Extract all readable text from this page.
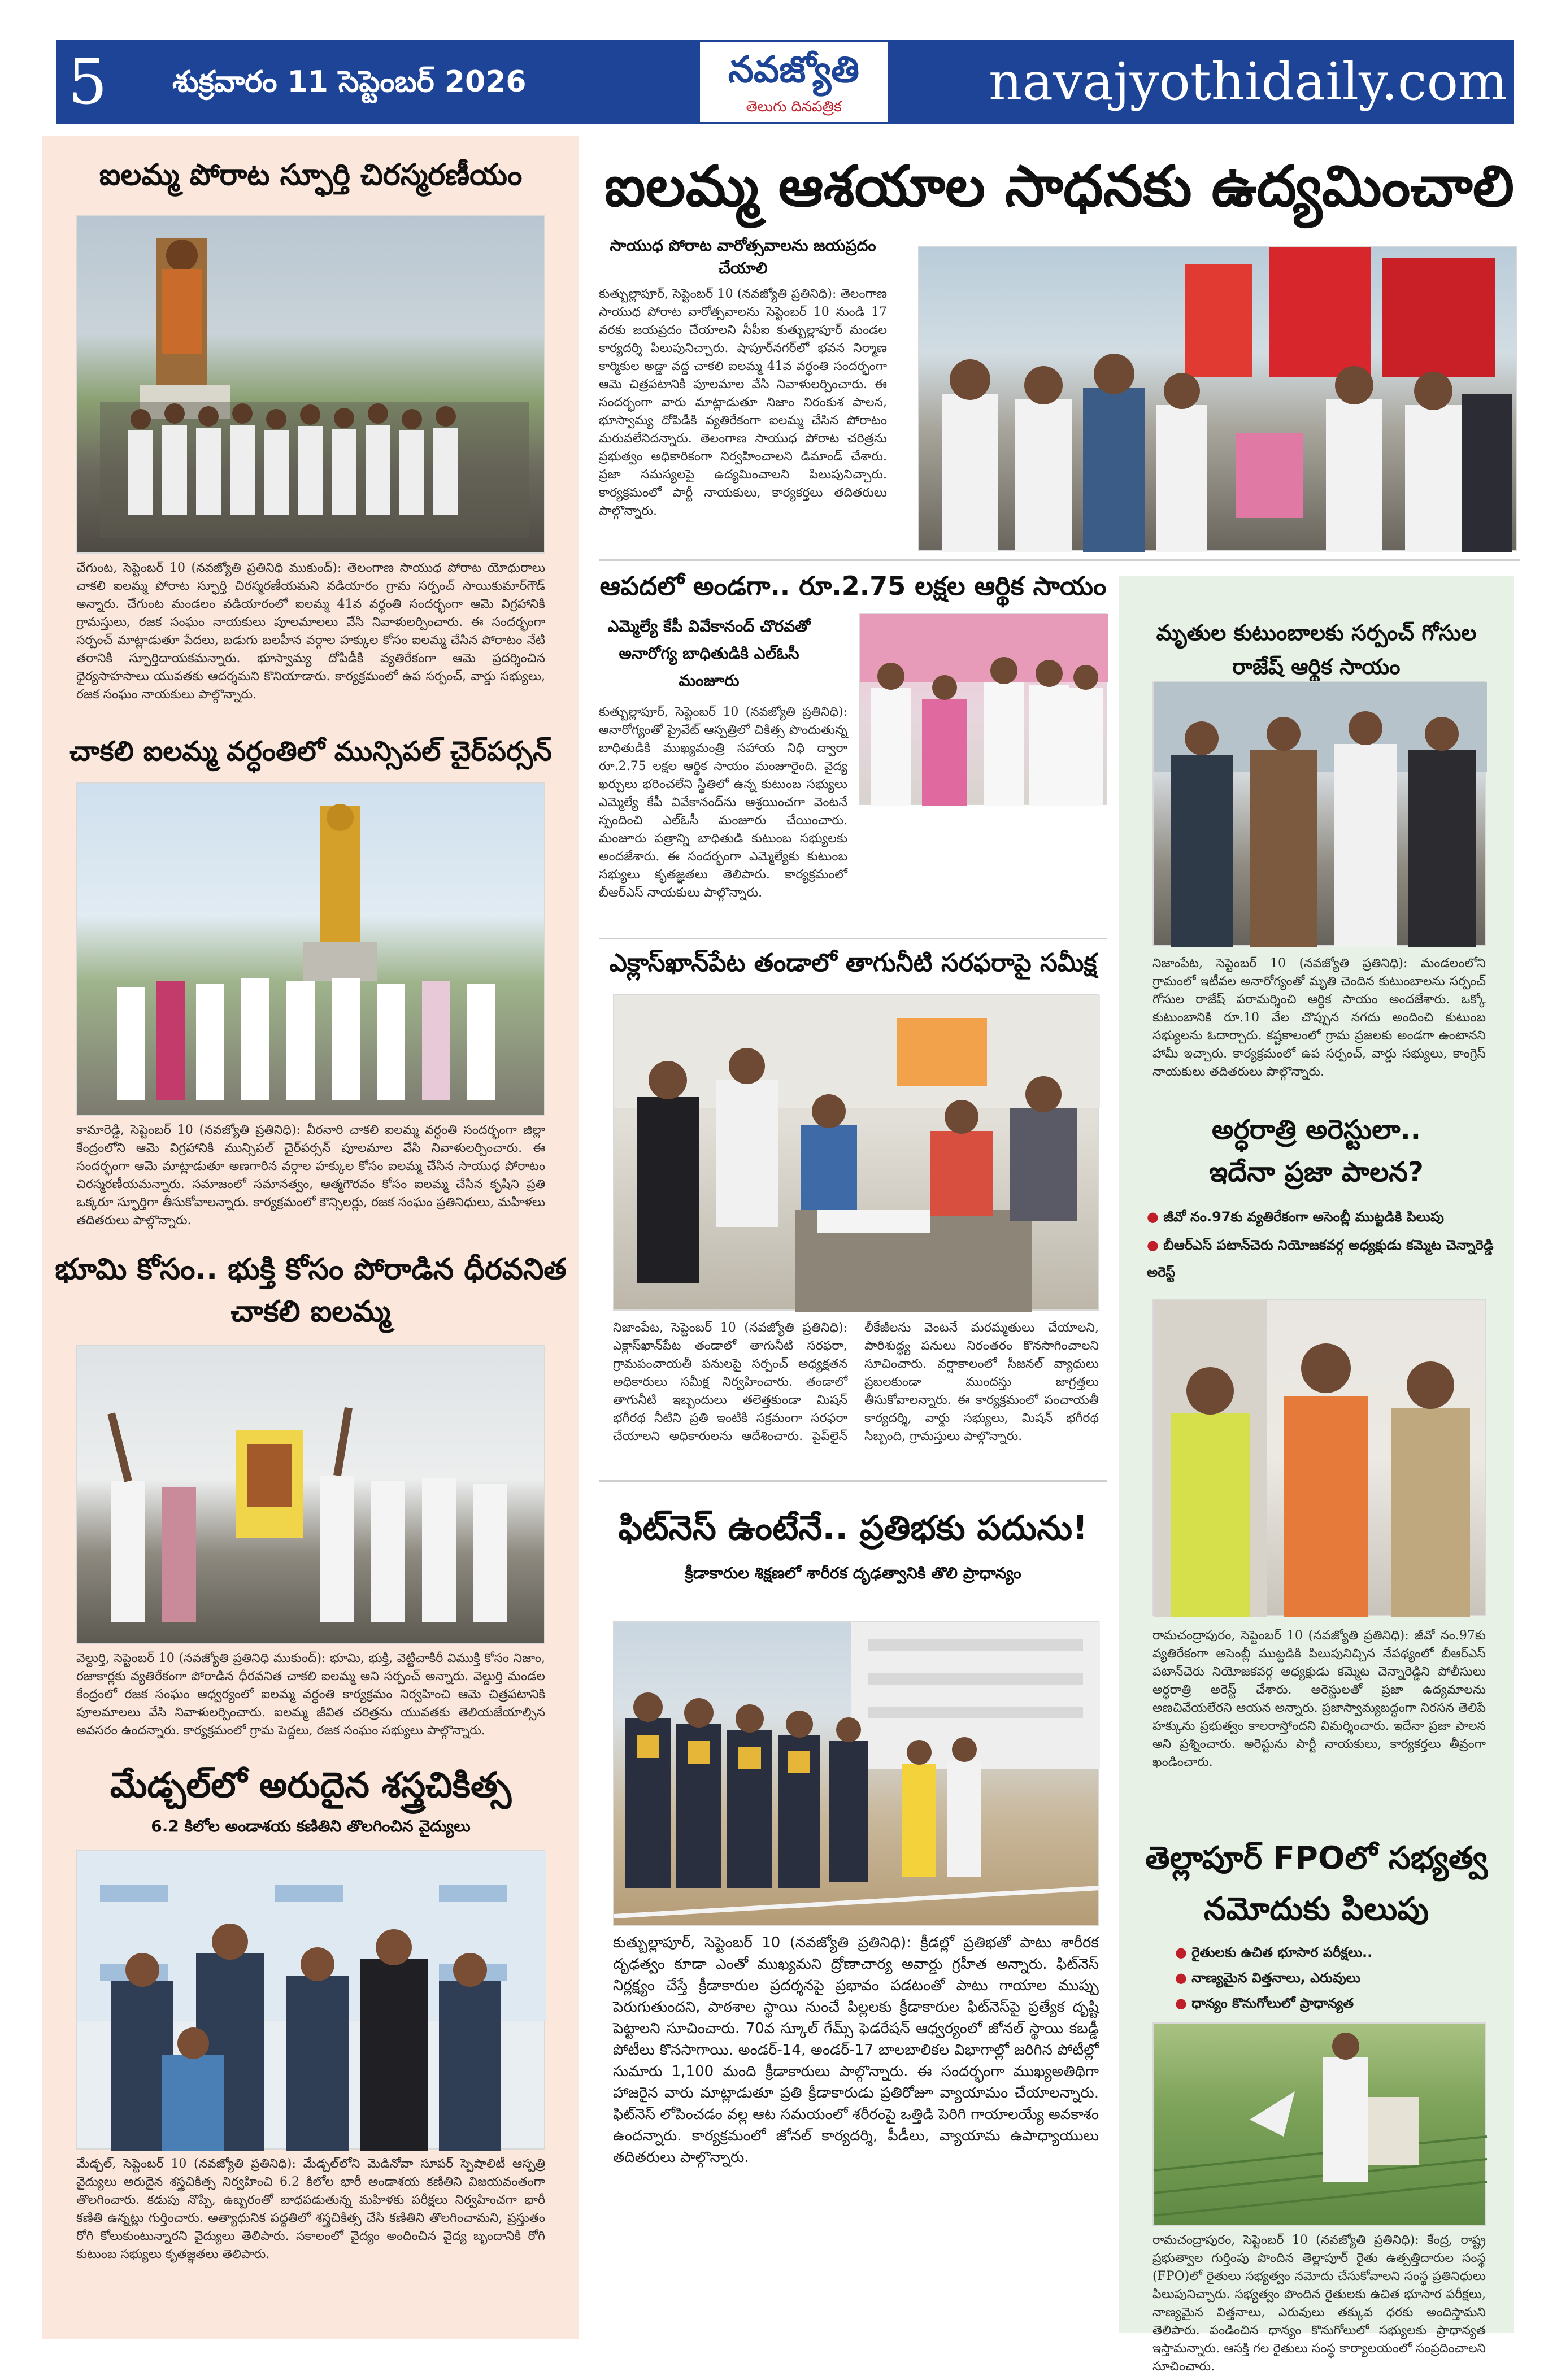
5	శుక్రవారం 11 సెప్టెంబర్ 2026	నవజ్యోతి
తెలుగు దినపత్రిక	navajyothidaily.com
ఐలమ్మ పోరాట స్ఫూర్తి చిరస్మరణీయం
చేగుంట, సెప్టెంబర్ 10 (నవజ్యోతి ప్రతినిధి ముకుంద్): తెలంగాణ సాయుధ పోరాట యోధురాలు చాకలి ఐలమ్మ పోరాట స్ఫూర్తి చిరస్మరణీయమని వడియారం గ్రామ సర్పంచ్ సాయికుమార్‌గౌడ్ అన్నారు. చేగుంట మండలం వడియారంలో ఐలమ్మ 41వ వర్ధంతి సందర్భంగా ఆమె విగ్రహానికి గ్రామస్తులు, రజక సంఘం నాయకులు పూలమాలలు వేసి నివాళులర్పించారు. ఈ సందర్భంగా సర్పంచ్ మాట్లాడుతూ పేదలు, బడుగు బలహీన వర్గాల హక్కుల కోసం ఐలమ్మ చేసిన పోరాటం నేటి తరానికి స్ఫూర్తిదాయకమన్నారు. భూస్వామ్య దోపిడీకి వ్యతిరేకంగా ఆమె ప్రదర్శించిన ధైర్యసాహసాలు యువతకు ఆదర్శమని కొనియాడారు. కార్యక్రమంలో ఉప సర్పంచ్, వార్డు సభ్యులు, రజక సంఘం నాయకులు పాల్గొన్నారు.
చాకలి ఐలమ్మ వర్ధంతిలో మున్సిపల్ చైర్‌పర్సన్
కామారెడ్డి, సెప్టెంబర్ 10 (నవజ్యోతి ప్రతినిధి): వీరనారి చాకలి ఐలమ్మ వర్ధంతి సందర్భంగా జిల్లా కేంద్రంలోని ఆమె విగ్రహానికి మున్సిపల్ చైర్‌పర్సన్ పూలమాల వేసి నివాళులర్పించారు. ఈ సందర్భంగా ఆమె మాట్లాడుతూ అణగారిన వర్గాల హక్కుల కోసం ఐలమ్మ చేసిన సాయుధ పోరాటం చిరస్మరణీయమన్నారు. సమాజంలో సమానత్వం, ఆత్మగౌరవం కోసం ఐలమ్మ చేసిన కృషిని ప్రతి ఒక్కరూ స్ఫూర్తిగా తీసుకోవాలన్నారు. కార్యక్రమంలో కౌన్సిలర్లు, రజక సంఘం ప్రతినిధులు, మహిళలు తదితరులు పాల్గొన్నారు.
భూమి కోసం.. భుక్తి కోసం పోరాడిన ధీరవనిత చాకలి ఐలమ్మ
వెల్దుర్తి, సెప్టెంబర్ 10 (నవజ్యోతి ప్రతినిధి ముకుంద్): భూమి, భుక్తి, వెట్టిచాకిరీ విముక్తి కోసం నిజాం, రజాకార్లకు వ్యతిరేకంగా పోరాడిన ధీరవనిత చాకలి ఐలమ్మ అని సర్పంచ్ అన్నారు. వెల్దుర్తి మండల కేంద్రంలో రజక సంఘం ఆధ్వర్యంలో ఐలమ్మ వర్ధంతి కార్యక్రమం నిర్వహించి ఆమె చిత్రపటానికి పూలమాలలు వేసి నివాళులర్పించారు. ఐలమ్మ జీవిత చరిత్రను యువతకు తెలియజేయాల్సిన అవసరం ఉందన్నారు. కార్యక్రమంలో గ్రామ పెద్దలు, రజక సంఘం సభ్యులు పాల్గొన్నారు.
మేడ్చల్‌లో అరుదైన శస్త్రచికిత్స
6.2 కిలోల అండాశయ కణితిని తొలగించిన వైద్యులు
మేడ్చల్, సెప్టెంబర్ 10 (నవజ్యోతి ప్రతినిధి): మేడ్చల్‌లోని మెడినోవా సూపర్ స్పెషాలిటీ ఆస్పత్రి వైద్యులు అరుదైన శస్త్రచికిత్స నిర్వహించి 6.2 కిలోల భారీ అండాశయ కణితిని విజయవంతంగా తొలగించారు. కడుపు నొప్పి, ఉబ్బరంతో బాధపడుతున్న మహిళకు పరీక్షలు నిర్వహించగా భారీ కణితి ఉన్నట్లు గుర్తించారు. అత్యాధునిక పద్ధతిలో శస్త్రచికిత్స చేసి కణితిని తొలగించామని, ప్రస్తుతం రోగి కోలుకుంటున్నారని వైద్యులు తెలిపారు. సకాలంలో వైద్యం అందించిన వైద్య బృందానికి రోగి కుటుంబ సభ్యులు కృతజ్ఞతలు తెలిపారు.
ఐలమ్మ ఆశయాల సాధనకు ఉద్యమించాలి
సాయుధ పోరాట వారోత్సవాలను జయప్రదం చేయాలి
కుత్బుల్లాపూర్, సెప్టెంబర్ 10 (నవజ్యోతి ప్రతినిధి): తెలంగాణ సాయుధ పోరాట వారోత్సవాలను సెప్టెంబర్ 10 నుండి 17 వరకు జయప్రదం చేయాలని సీపీఐ కుత్బుల్లాపూర్ మండల కార్యదర్శి పిలుపునిచ్చారు. షాపూర్‌నగర్‌లో భవన నిర్మాణ కార్మికుల అడ్డా వద్ద చాకలి ఐలమ్మ 41వ వర్ధంతి సందర్భంగా ఆమె చిత్రపటానికి పూలమాల వేసి నివాళులర్పించారు. ఈ సందర్భంగా వారు మాట్లాడుతూ నిజాం నిరంకుశ పాలన, భూస్వామ్య దోపిడీకి వ్యతిరేకంగా ఐలమ్మ చేసిన పోరాటం మరువలేనిదన్నారు. తెలంగాణ సాయుధ పోరాట చరిత్రను ప్రభుత్వం అధికారికంగా నిర్వహించాలని డిమాండ్ చేశారు. ప్రజా సమస్యలపై ఉద్యమించాలని పిలుపునిచ్చారు. కార్యక్రమంలో పార్టీ నాయకులు, కార్యకర్తలు తదితరులు పాల్గొన్నారు.
ఆపదలో అండగా.. రూ.2.75 లక్షల ఆర్థిక సాయం
ఎమ్మెల్యే కేపీ వివేకానంద్ చొరవతో అనారోగ్య బాధితుడికి ఎల్ఓసీ మంజూరు
కుత్బుల్లాపూర్, సెప్టెంబర్ 10 (నవజ్యోతి ప్రతినిధి): అనారోగ్యంతో ప్రైవేట్ ఆస్పత్రిలో చికిత్స పొందుతున్న బాధితుడికి ముఖ్యమంత్రి సహాయ నిధి ద్వారా రూ.2.75 లక్షల ఆర్థిక సాయం మంజూరైంది. వైద్య ఖర్చులు భరించలేని స్థితిలో ఉన్న కుటుంబ సభ్యులు ఎమ్మెల్యే కేపీ వివేకానంద్‌ను ఆశ్రయించగా వెంటనే స్పందించి ఎల్ఓసీ మంజూరు చేయించారు. మంజూరు పత్రాన్ని బాధితుడి కుటుంబ సభ్యులకు అందజేశారు. ఈ సందర్భంగా ఎమ్మెల్యేకు కుటుంబ సభ్యులు కృతజ్ఞతలు తెలిపారు. కార్యక్రమంలో బీఆర్ఎస్ నాయకులు పాల్గొన్నారు.
ఎక్లాస్‌ఖాన్‌పేట తండాలో తాగునీటి సరఫరాపై సమీక్ష
నిజాంపేట, సెప్టెంబర్ 10 (నవజ్యోతి ప్రతినిధి): ఎక్లాస్‌ఖాన్‌పేట తండాలో తాగునీటి సరఫరా, గ్రామపంచాయతీ పనులపై సర్పంచ్ అధ్యక్షతన అధికారులు సమీక్ష నిర్వహించారు. తండాలో తాగునీటి ఇబ్బందులు తలెత్తకుండా మిషన్ భగీరథ నీటిని ప్రతి ఇంటికి సక్రమంగా సరఫరా చేయాలని అధికారులను ఆదేశించారు. పైప్‌లైన్ లీకేజీలను వెంటనే మరమ్మతులు చేయాలని, పారిశుద్ధ్య పనులు నిరంతరం కొనసాగించాలని సూచించారు. వర్షాకాలంలో సీజనల్ వ్యాధులు ప్రబలకుండా ముందస్తు జాగ్రత్తలు తీసుకోవాలన్నారు. ఈ కార్యక్రమంలో పంచాయతీ కార్యదర్శి, వార్డు సభ్యులు, మిషన్ భగీరథ సిబ్బంది, గ్రామస్తులు పాల్గొన్నారు.
ఫిట్‌నెస్ ఉంటేనే.. ప్రతిభకు పదును!
క్రీడాకారుల శిక్షణలో శారీరక దృఢత్వానికి తొలి ప్రాధాన్యం
కుత్బుల్లాపూర్, సెప్టెంబర్ 10 (నవజ్యోతి ప్రతినిధి): క్రీడల్లో ప్రతిభతో పాటు శారీరక దృఢత్వం కూడా ఎంతో ముఖ్యమని ద్రోణాచార్య అవార్డు గ్రహీత అన్నారు. ఫిట్‌నెస్ నిర్లక్ష్యం చేస్తే క్రీడాకారుల ప్రదర్శనపై ప్రభావం పడటంతో పాటు గాయాల ముప్పు పెరుగుతుందని, పాఠశాల స్థాయి నుంచే పిల్లలకు క్రీడాకారుల ఫిట్‌నెస్‌పై ప్రత్యేక దృష్టి పెట్టాలని సూచించారు. 70వ స్కూల్ గేమ్స్ ఫెడరేషన్ ఆధ్వర్యంలో జోనల్ స్థాయి కబడ్డీ పోటీలు కొనసాగాయి. అండర్-14, అండర్-17 బాలబాలికల విభాగాల్లో జరిగిన పోటీల్లో సుమారు 1,100 మంది క్రీడాకారులు పాల్గొన్నారు. ఈ సందర్భంగా ముఖ్యఅతిథిగా హాజరైన వారు మాట్లాడుతూ ప్రతి క్రీడాకారుడు ప్రతిరోజూ వ్యాయామం చేయాలన్నారు. ఫిట్‌నెస్ లోపించడం వల్ల ఆట సమయంలో శరీరంపై ఒత్తిడి పెరిగి గాయాలయ్యే అవకాశం ఉందన్నారు. కార్యక్రమంలో జోనల్ కార్యదర్శి, పీడీలు, వ్యాయామ ఉపాధ్యాయులు తదితరులు పాల్గొన్నారు.
మృతుల కుటుంబాలకు సర్పంచ్ గోసుల రాజేష్ ఆర్థిక సాయం
నిజాంపేట, సెప్టెంబర్ 10 (నవజ్యోతి ప్రతినిధి): మండలంలోని గ్రామంలో ఇటీవల అనారోగ్యంతో మృతి చెందిన కుటుంబాలను సర్పంచ్ గోసుల రాజేష్ పరామర్శించి ఆర్థిక సాయం అందజేశారు. ఒక్కో కుటుంబానికి రూ.10 వేల చొప్పున నగదు అందించి కుటుంబ సభ్యులను ఓదార్చారు. కష్టకాలంలో గ్రామ ప్రజలకు అండగా ఉంటానని హామీ ఇచ్చారు. కార్యక్రమంలో ఉప సర్పంచ్, వార్డు సభ్యులు, కాంగ్రెస్ నాయకులు తదితరులు పాల్గొన్నారు.
అర్ధరాత్రి అరెస్టులా..
ఇదేనా ప్రజా పాలన?
● జీవో నం.97కు వ్యతిరేకంగా అసెంబ్లీ ముట్టడికి పిలుపు
● బీఆర్ఎస్ పటాన్‌చెరు నియోజకవర్గ అధ్యక్షుడు కమ్మెట చెన్నారెడ్డి అరెస్ట్
రామచంద్రాపురం, సెప్టెంబర్ 10 (నవజ్యోతి ప్రతినిధి): జీవో నం.97కు వ్యతిరేకంగా అసెంబ్లీ ముట్టడికి పిలుపునిచ్చిన నేపథ్యంలో బీఆర్ఎస్ పటాన్‌చెరు నియోజకవర్గ అధ్యక్షుడు కమ్మెట చెన్నారెడ్డిని పోలీసులు అర్ధరాత్రి అరెస్ట్ చేశారు. అరెస్టులతో ప్రజా ఉద్యమాలను అణచివేయలేరని ఆయన అన్నారు. ప్రజాస్వామ్యబద్ధంగా నిరసన తెలిపే హక్కును ప్రభుత్వం కాలరాస్తోందని విమర్శించారు. ఇదేనా ప్రజా పాలన అని ప్రశ్నించారు. అరెస్టును పార్టీ నాయకులు, కార్యకర్తలు తీవ్రంగా ఖండించారు.
తెల్లాపూర్ FPOలో సభ్యత్వ నమోదుకు పిలుపు
● రైతులకు ఉచిత భూసార పరీక్షలు..
● నాణ్యమైన విత్తనాలు, ఎరువులు
● ధాన్యం కొనుగోలులో ప్రాధాన్యత
రామచంద్రాపురం, సెప్టెంబర్ 10 (నవజ్యోతి ప్రతినిధి): కేంద్ర, రాష్ట్ర ప్రభుత్వాల గుర్తింపు పొందిన తెల్లాపూర్ రైతు ఉత్పత్తిదారుల సంస్థ (FPO)లో రైతులు సభ్యత్వం నమోదు చేసుకోవాలని సంస్థ ప్రతినిధులు పిలుపునిచ్చారు. సభ్యత్వం పొందిన రైతులకు ఉచిత భూసార పరీక్షలు, నాణ్యమైన విత్తనాలు, ఎరువులు తక్కువ ధరకు అందిస్తామని తెలిపారు. పండించిన ధాన్యం కొనుగోలులో సభ్యులకు ప్రాధాన్యత ఇస్తామన్నారు. ఆసక్తి గల రైతులు సంస్థ కార్యాలయంలో సంప్రదించాలని సూచించారు.
